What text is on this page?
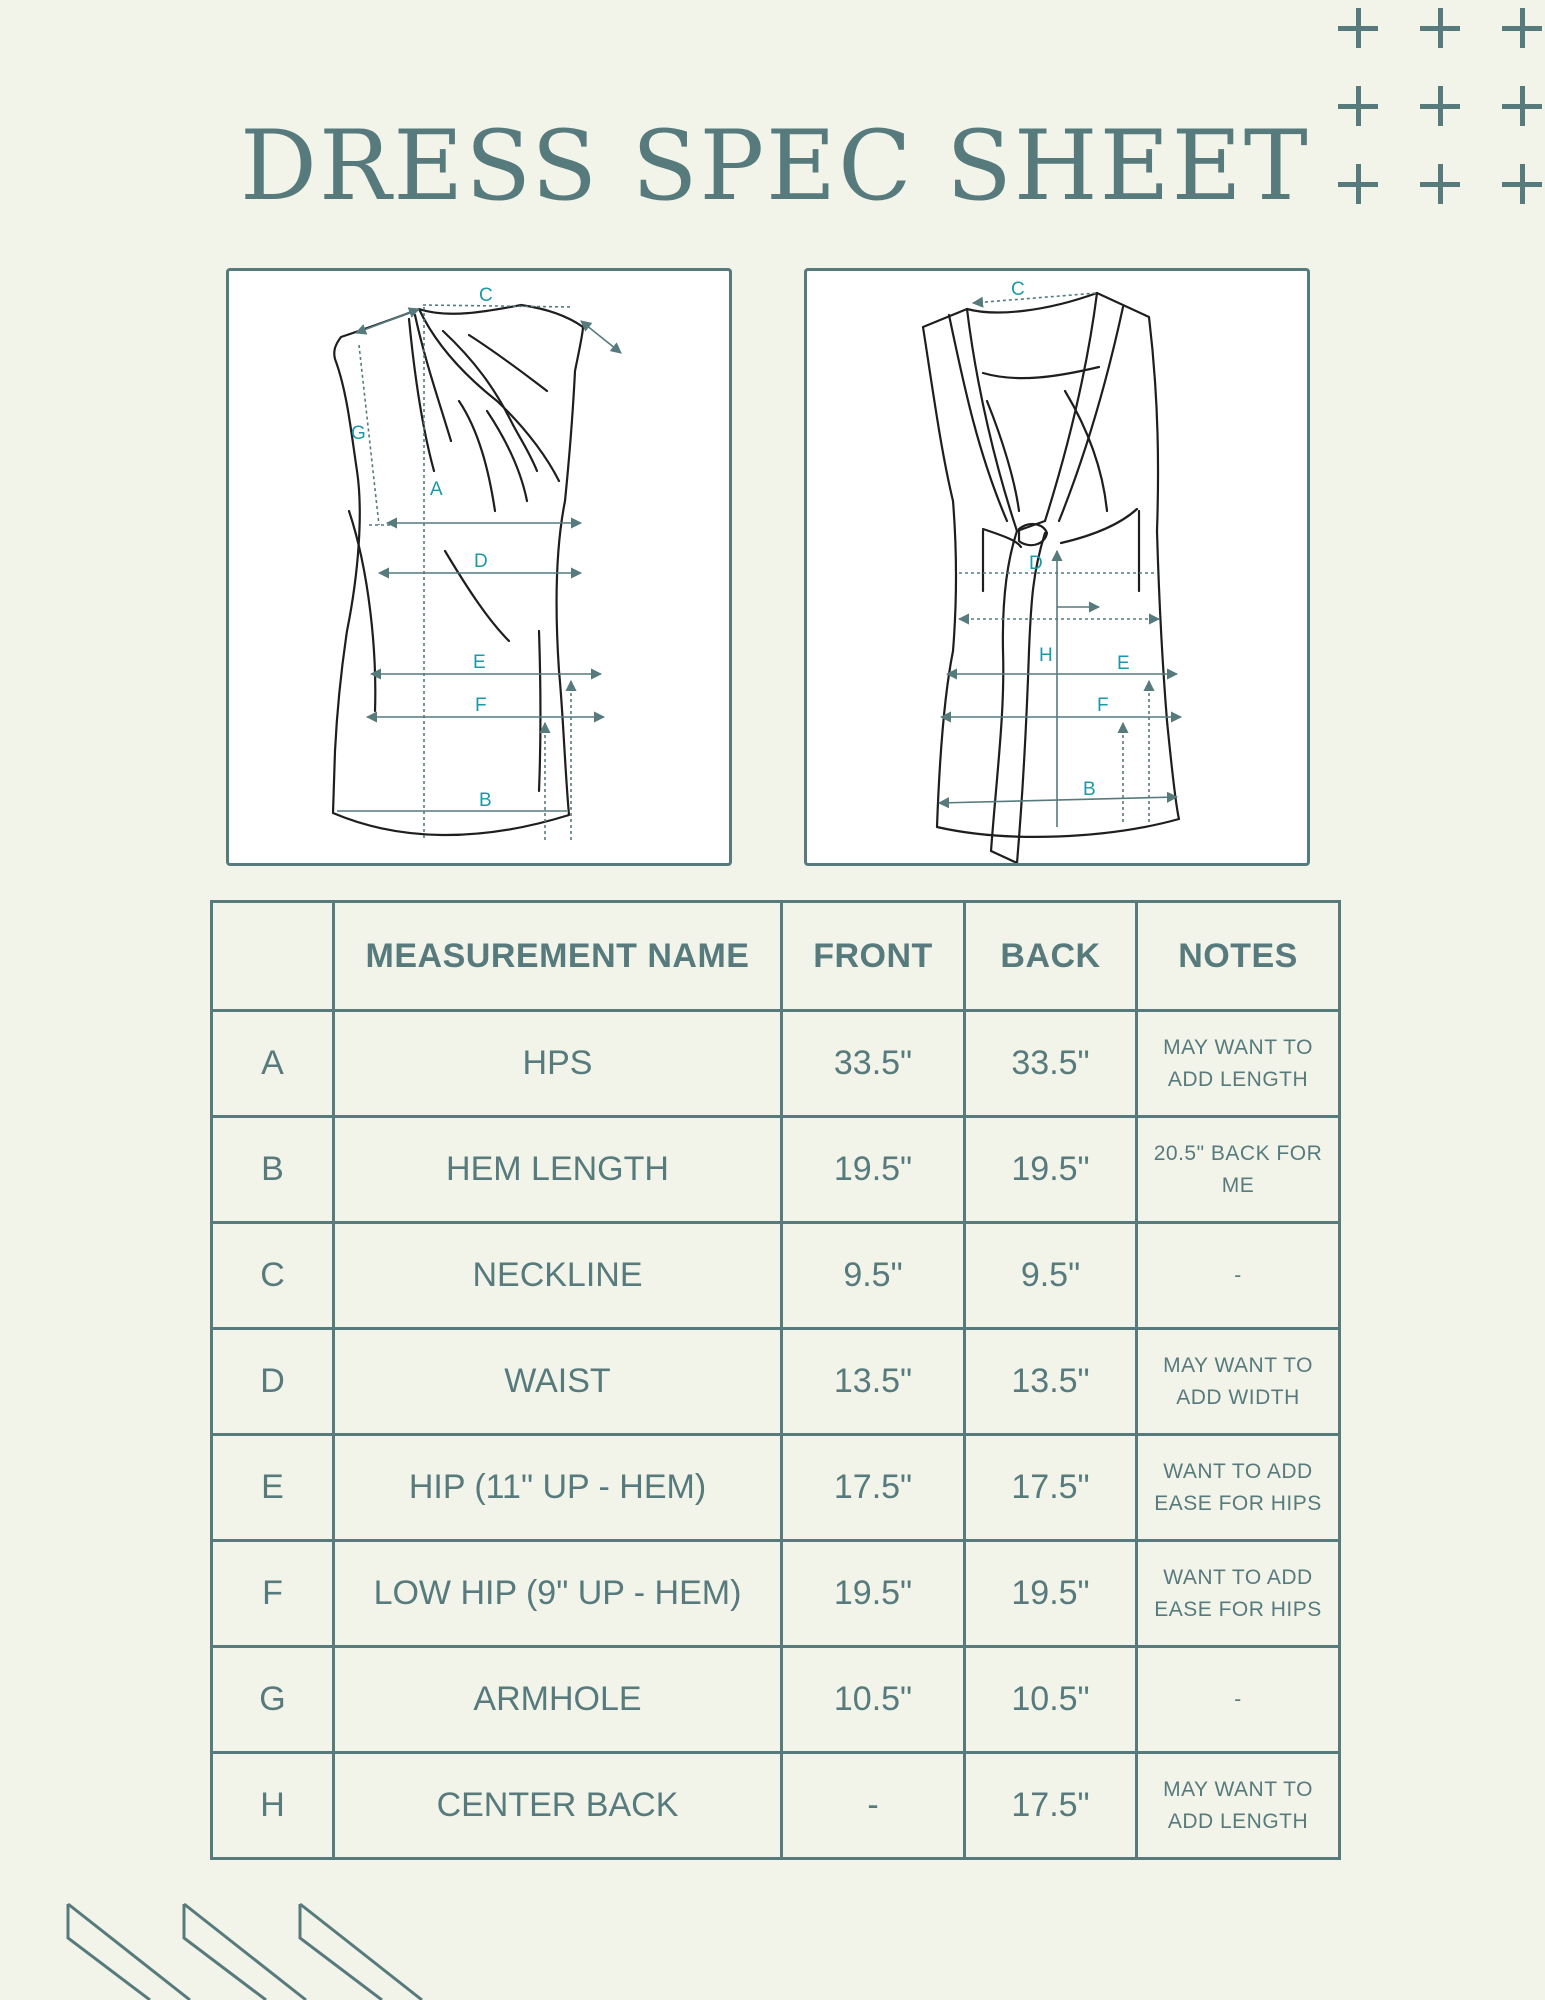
DRESS SPEC SHEET
C
G
A
D
E
F
B
C
D
H	E
F
B
	MEASUREMENT NAME	FRONT	BACK	NOTES
A	HPS	33.5"	33.5"	MAY WANT TO ADD LENGTH
B	HEM LENGTH	19.5"	19.5"	20.5" BACK FOR ME
C	NECKLINE	9.5"	9.5"	-
D	WAIST	13.5"	13.5"	MAY WANT TO ADD WIDTH
E	HIP (11" UP - HEM)	17.5"	17.5"	WANT TO ADD EASE FOR HIPS
F	LOW HIP (9" UP - HEM)	19.5"	19.5"	WANT TO ADD EASE FOR HIPS
G	ARMHOLE	10.5"	10.5"	-
H	CENTER BACK	-	17.5"	MAY WANT TO ADD LENGTH
